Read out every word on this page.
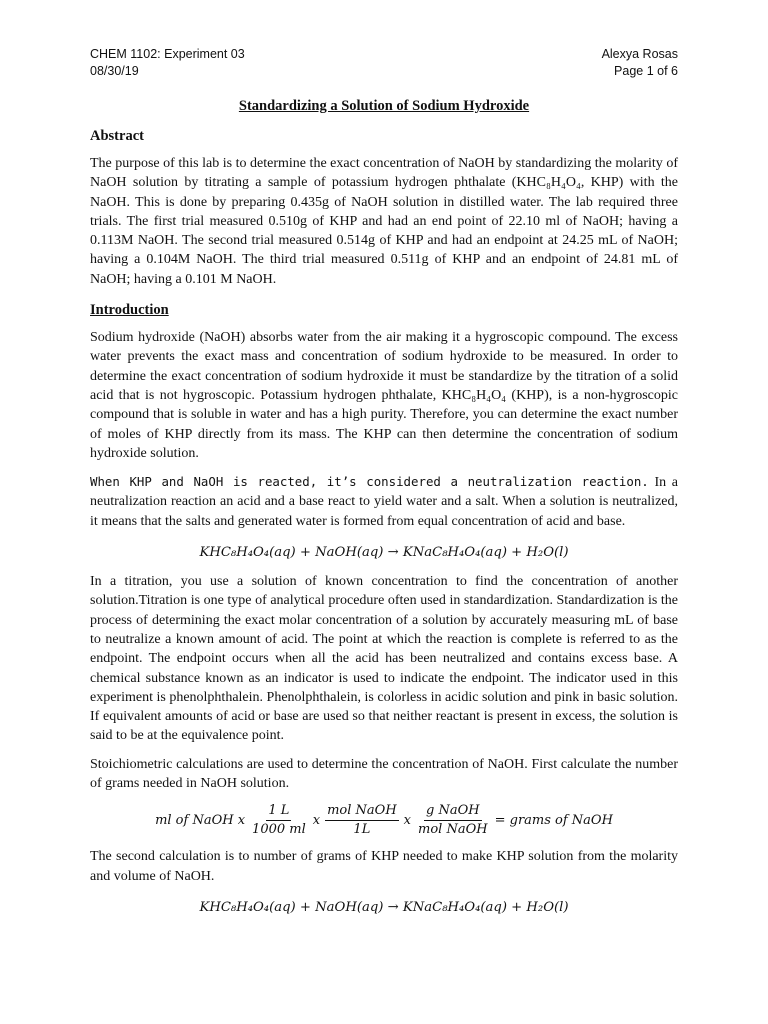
CHEM 1102: Experiment 03
08/30/19
Alexya Rosas
Page 1 of 6
Standardizing a Solution of Sodium Hydroxide
Abstract

The purpose of this lab is to determine the exact concentration of NaOH by standardizing the molarity of NaOH solution by titrating a sample of potassium hydrogen phthalate (KHC₈H₄O₄, KHP) with the NaOH. This is done by preparing 0.435g of NaOH solution in distilled water. The lab required three trials. The first trial measured 0.510g of KHP and had an end point of 22.10 ml of NaOH; having a 0.113M NaOH. The second trial measured 0.514g of KHP and had an endpoint at 24.25 mL of NaOH; having a 0.104M NaOH. The third trial measured 0.511g of KHP and an endpoint of 24.81 mL of NaOH; having a 0.101 M NaOH.

Introduction

Sodium hydroxide (NaOH) absorbs water from the air making it a hygroscopic compound. The excess water prevents the exact mass and concentration of sodium hydroxide to be measured. In order to determine the exact concentration of sodium hydroxide it must be standardize by the titration of a solid acid that is not hygroscopic. Potassium hydrogen phthalate, KHC₈H₄O₄ (KHP), is a non-hygroscopic compound that is soluble in water and has a high purity. Therefore, you can determine the exact number of moles of KHP directly from its mass. The KHP can then determine the concentration of sodium hydroxide solution.

When KHP and NaOH is reacted, it’s considered a neutralization reaction. In a neutralization reaction an acid and a base react to yield water and a salt. When a solution is neutralized, it means that the salts and generated water is formed from equal concentration of acid and base.

KHC₈H₄O₄(aq) + NaOH(aq) → KNaC₈H₄O₄(aq) + H₂O(l)

In a titration, you use a solution of known concentration to find the concentration of another solution.Titration is one type of analytical procedure often used in standardization. Standardization is the process of determining the exact molar concentration of a solution by accurately measuring mL of base to neutralize a known amount of acid. The point at which the reaction is complete is referred to as the endpoint. The endpoint occurs when all the acid has been neutralized and contains excess base. A chemical substance known as an indicator is used to indicate the endpoint. The indicator used in this experiment is phenolphthalein. Phenolphthalein, is colorless in acidic solution and pink in basic solution. If equivalent amounts of acid or base are used so that neither reactant is present in excess, the solution is said to be at the equivalence point.

Stoichiometric calculations are used to determine the concentration of NaOH. First calculate the number of grams needed in NaOH solution.

ml of NaOH x $\frac{1 L}{1000 ml}$ x $\frac{\text{mol NaOH}}{1L}$ x $\frac{\text{g NaOH}}{\text{mol NaOH}}$ = grams of NaOH

The second calculation is to number of grams of KHP needed to make KHP solution from the molarity and volume of NaOH.

KHC₈H₄O₄(aq) + NaOH(aq) → KNaC₈H₄O₄(aq) + H₂O(l)
